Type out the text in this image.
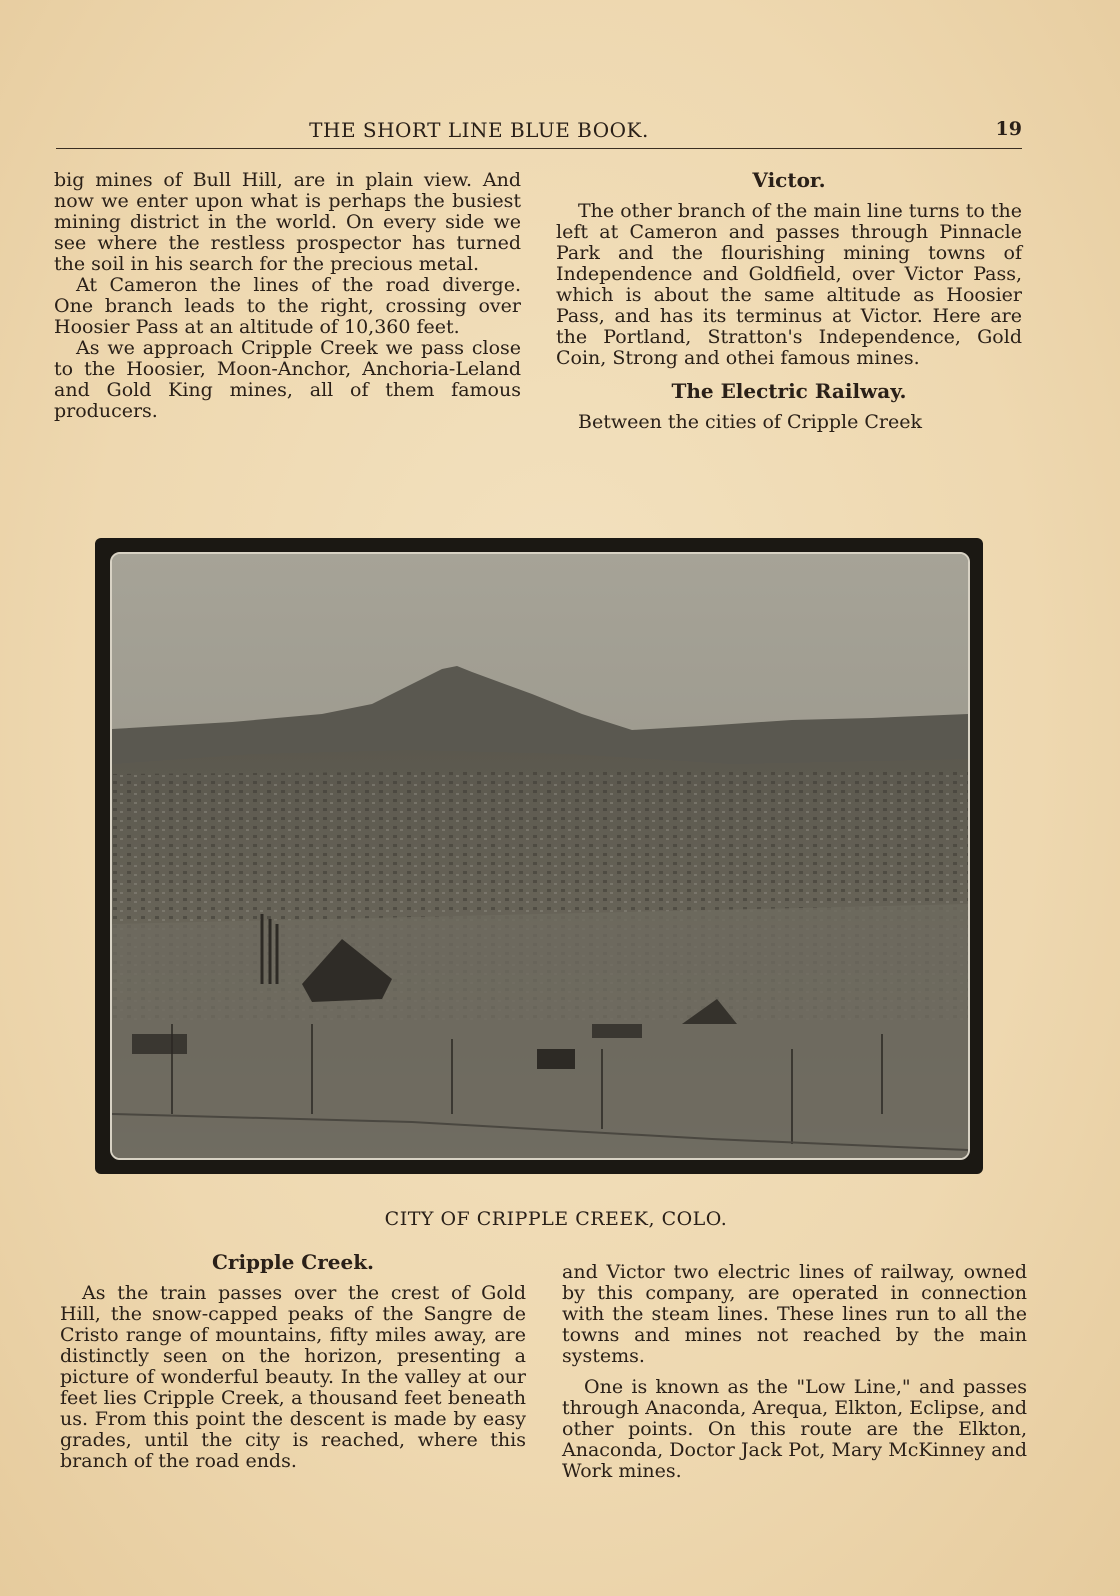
THE SHORT LINE BLUE BOOK.	19

big mines of Bull Hill, are in plain view. And now we enter upon what is perhaps the busiest mining district in the world. On every side we see where the restless prospector has turned the soil in his search for the precious metal.

At Cameron the lines of the road diverge. One branch leads to the right, crossing over Hoosier Pass at an altitude of 10,360 feet.

As we approach Cripple Creek we pass close to the Hoosier, Moon-Anchor, Anchoria-Leland and Gold King mines, all of them famous producers.

Victor.

The other branch of the main line turns to the left at Cameron and passes through Pinnacle Park and the flourishing mining towns of Independence and Goldfield, over Victor Pass, which is about the same altitude as Hoosier Pass, and has its terminus at Victor. Here are the Portland, Stratton's Independence, Gold Coin, Strong and othei famous mines.

The Electric Railway.

Between the cities of Cripple Creek

CITY OF CRIPPLE CREEK, COLO.
Cripple Creek.

As the train passes over the crest of Gold Hill, the snow-capped peaks of the Sangre de Cristo range of mountains, fifty miles away, are distinctly seen on the horizon, presenting a picture of wonderful beauty. In the valley at our feet lies Cripple Creek, a thousand feet beneath us. From this point the descent is made by easy grades, until the city is reached, where this branch of the road ends.

and Victor two electric lines of railway, owned by this company, are operated in connection with the steam lines. These lines run to all the towns and mines not reached by the main systems.

One is known as the "Low Line," and passes through Anaconda, Arequa, Elkton, Eclipse, and other points. On this route are the Elkton, Anaconda, Doctor Jack Pot, Mary McKinney and Work mines.
